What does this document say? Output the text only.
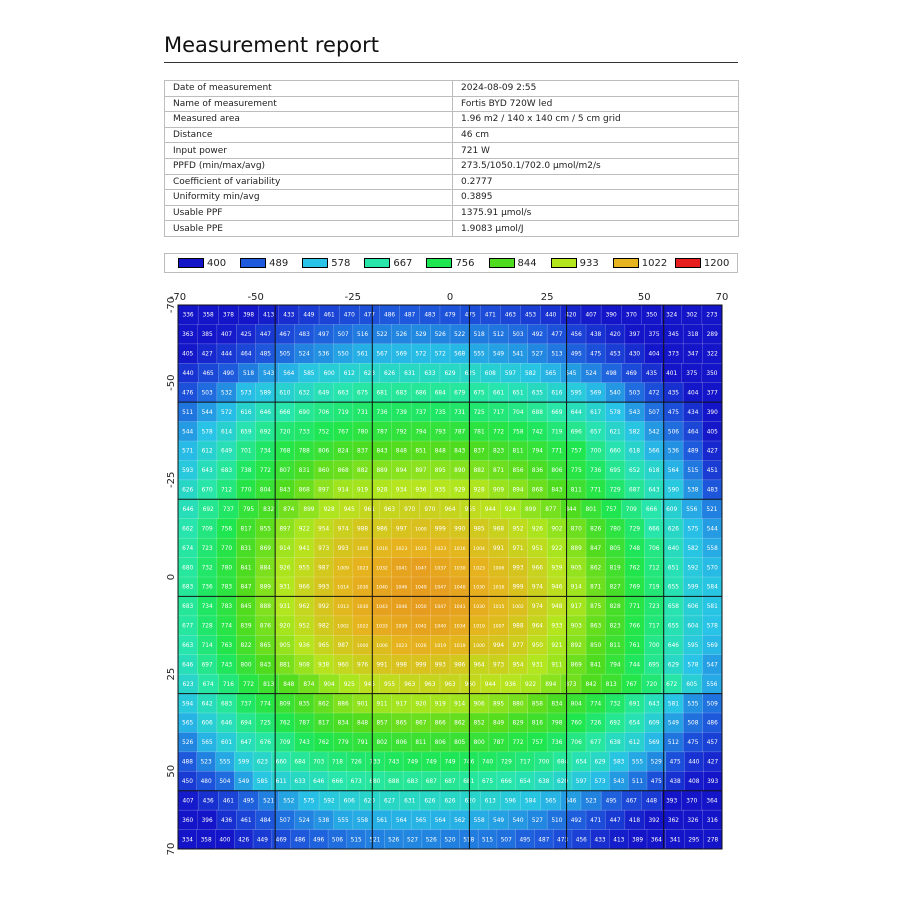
Measurement report
Date of measurement	2024-08-09 2:55
Name of measurement	Fortis BYD 720W led
Measured area	1.96 m2 / 140 x 140 cm / 5 cm grid
Distance	46 cm
Input power	721 W
PPFD (min/max/avg)	273.5/1050.1/702.0 µmol/m2/s
Coefficient of variability	0.2777
Uniformity min/avg	0.3895
Usable PPF	1375.91 µmol/s
Usable PPE	1.9083 µmol/J
400	489	578	667	756	844	933	1022	1200
336 358 378 398 413 433 449 461 470 477 486 487 483 479 475 471 463 453 440 420 407 390 370 350 324 302 273
363 385 407 425 447 467 483 497 507 516 522 526 529 526 522 518 512 503 492 477 456 438 420 397 375 345 318 289
405 427 444 464 485 505 524 536 550 561 567 569 572 572 568 555 549 541 527 513 495 475 453 430 404 373 347 322
440 465 490 518 543 564 585 600 612 623 626 631 633 629 625 608 597 582 565 545 524 498 469 435 401 375 350
476 503 532 573 589 610 632 649 663 675 681 683 686 684 679 675 661 651 635 616 595 569 540 503 472 435 404 377
511 544 572 616 646 666 690 706 719 731 736 739 737 735 731 725 717 704 688 669 644 617 578 543 507 475 434 390
544 578 614 659 692 720 733 752 767 780 787 792 794 793 787 781 772 758 742 719 696 657 621 582 542 506 464 405
571 612 649 701 734 768 788 806 824 837 843 848 851 848 843 837 823 811 794 771 757 700 660 618 566 536 489 427
593 643 683 738 772 807 831 860 868 882 889 894 897 895 890 882 871 856 836 806 775 736 695 652 618 564 515 451
626 670 712 770 804 843 868 897 914 919 928 934 936 935 929 928 909 894 868 843 811 771 729 687 643 590 538 483
646 692 737 795 832 874 899 928 945 961 963 970 970 964 955 944 924 899 877 844 801 757 709 666 609 556 521
662 709 756 817 855 897 922 954 974 988 986 997 1000 999 990 985 968 952 926 902 870 826 780 729 666 626 575 544
674 723 770 831 869 914 941 973 993 1005 1016 1023 1023 1023 1016 1004 991 971 951 922 889 847 805 748 706 640 582 558
680 732 780 841 884 926 955 987 1009 1023 1032 1041 1047 1037 1030 1023 1006 993 966 939 905 862 819 762 712 651 592 570
683 736 783 847 889 931 966 993 1014 1030 1040 1046 1049 1047 1040 1030 1016 999 974 946 914 871 827 769 719 655 599 584
683 734 783 845 888 931 962 992 1013 1030 1043 1046 1050 1047 1041 1030 1015 1002 974 948 917 875 828 771 723 658 606 581
677 728 774 839 876 920 952 982 1002 1022 1033 1039 1042 1040 1034 1019 1007 988 964 933 903 863 823 766 717 655 604 578
663 714 763 822 865 905 936 965 987 1000 1006 1023 1026 1019 1019 1000 994 977 950 921 892 850 811 761 700 646 595 569
646 697 743 800 843 881 908 938 960 976 991 998 999 993 986 964 973 954 931 911 869 841 794 744 695 629 578 547
623 674 716 772 813 848 874 904 925 945 955 963 963 963 960 944 936 922 894 873 842 813 767 720 672 605 556
594 642 683 737 774 809 835 862 886 901 911 917 920 919 914 906 895 880 858 834 804 774 732 691 643 581 535 509
565 606 646 694 725 762 787 817 834 848 857 865 867 866 862 852 849 829 816 798 760 726 692 654 609 549 508 486
526 565 601 647 676 709 743 762 779 791 802 806 811 806 805 800 787 772 757 736 706 677 638 612 569 512 475 457
488 523 555 599 623 660 684 703 718 726 733 743 749 749 749 746 740 729 717 700 684 654 629 583 555 529 475 440 427
450 480 504 549 585 611 633 646 666 673 680 688 683 687 687 681 675 666 654 638 620 597 573 543 511 475 438 408 393
407 436 461 495 521 552 575 592 606 620 627 631 626 626 620 613 596 584 565 546 523 495 467 448 393 370 364
360 396 436 461 484 507 524 538 555 558 561 564 565 564 562 558 549 540 527 510 492 471 447 418 392 362 326 316
334 358 400 426 449 469 486 496 506 515 521 526 527 526 520 518 515 507 495 487 473 456 433 413 389 364 341 295 278
-70	-50	-25	0	25	50	70
-70
-50
-25
0
25
50
70
